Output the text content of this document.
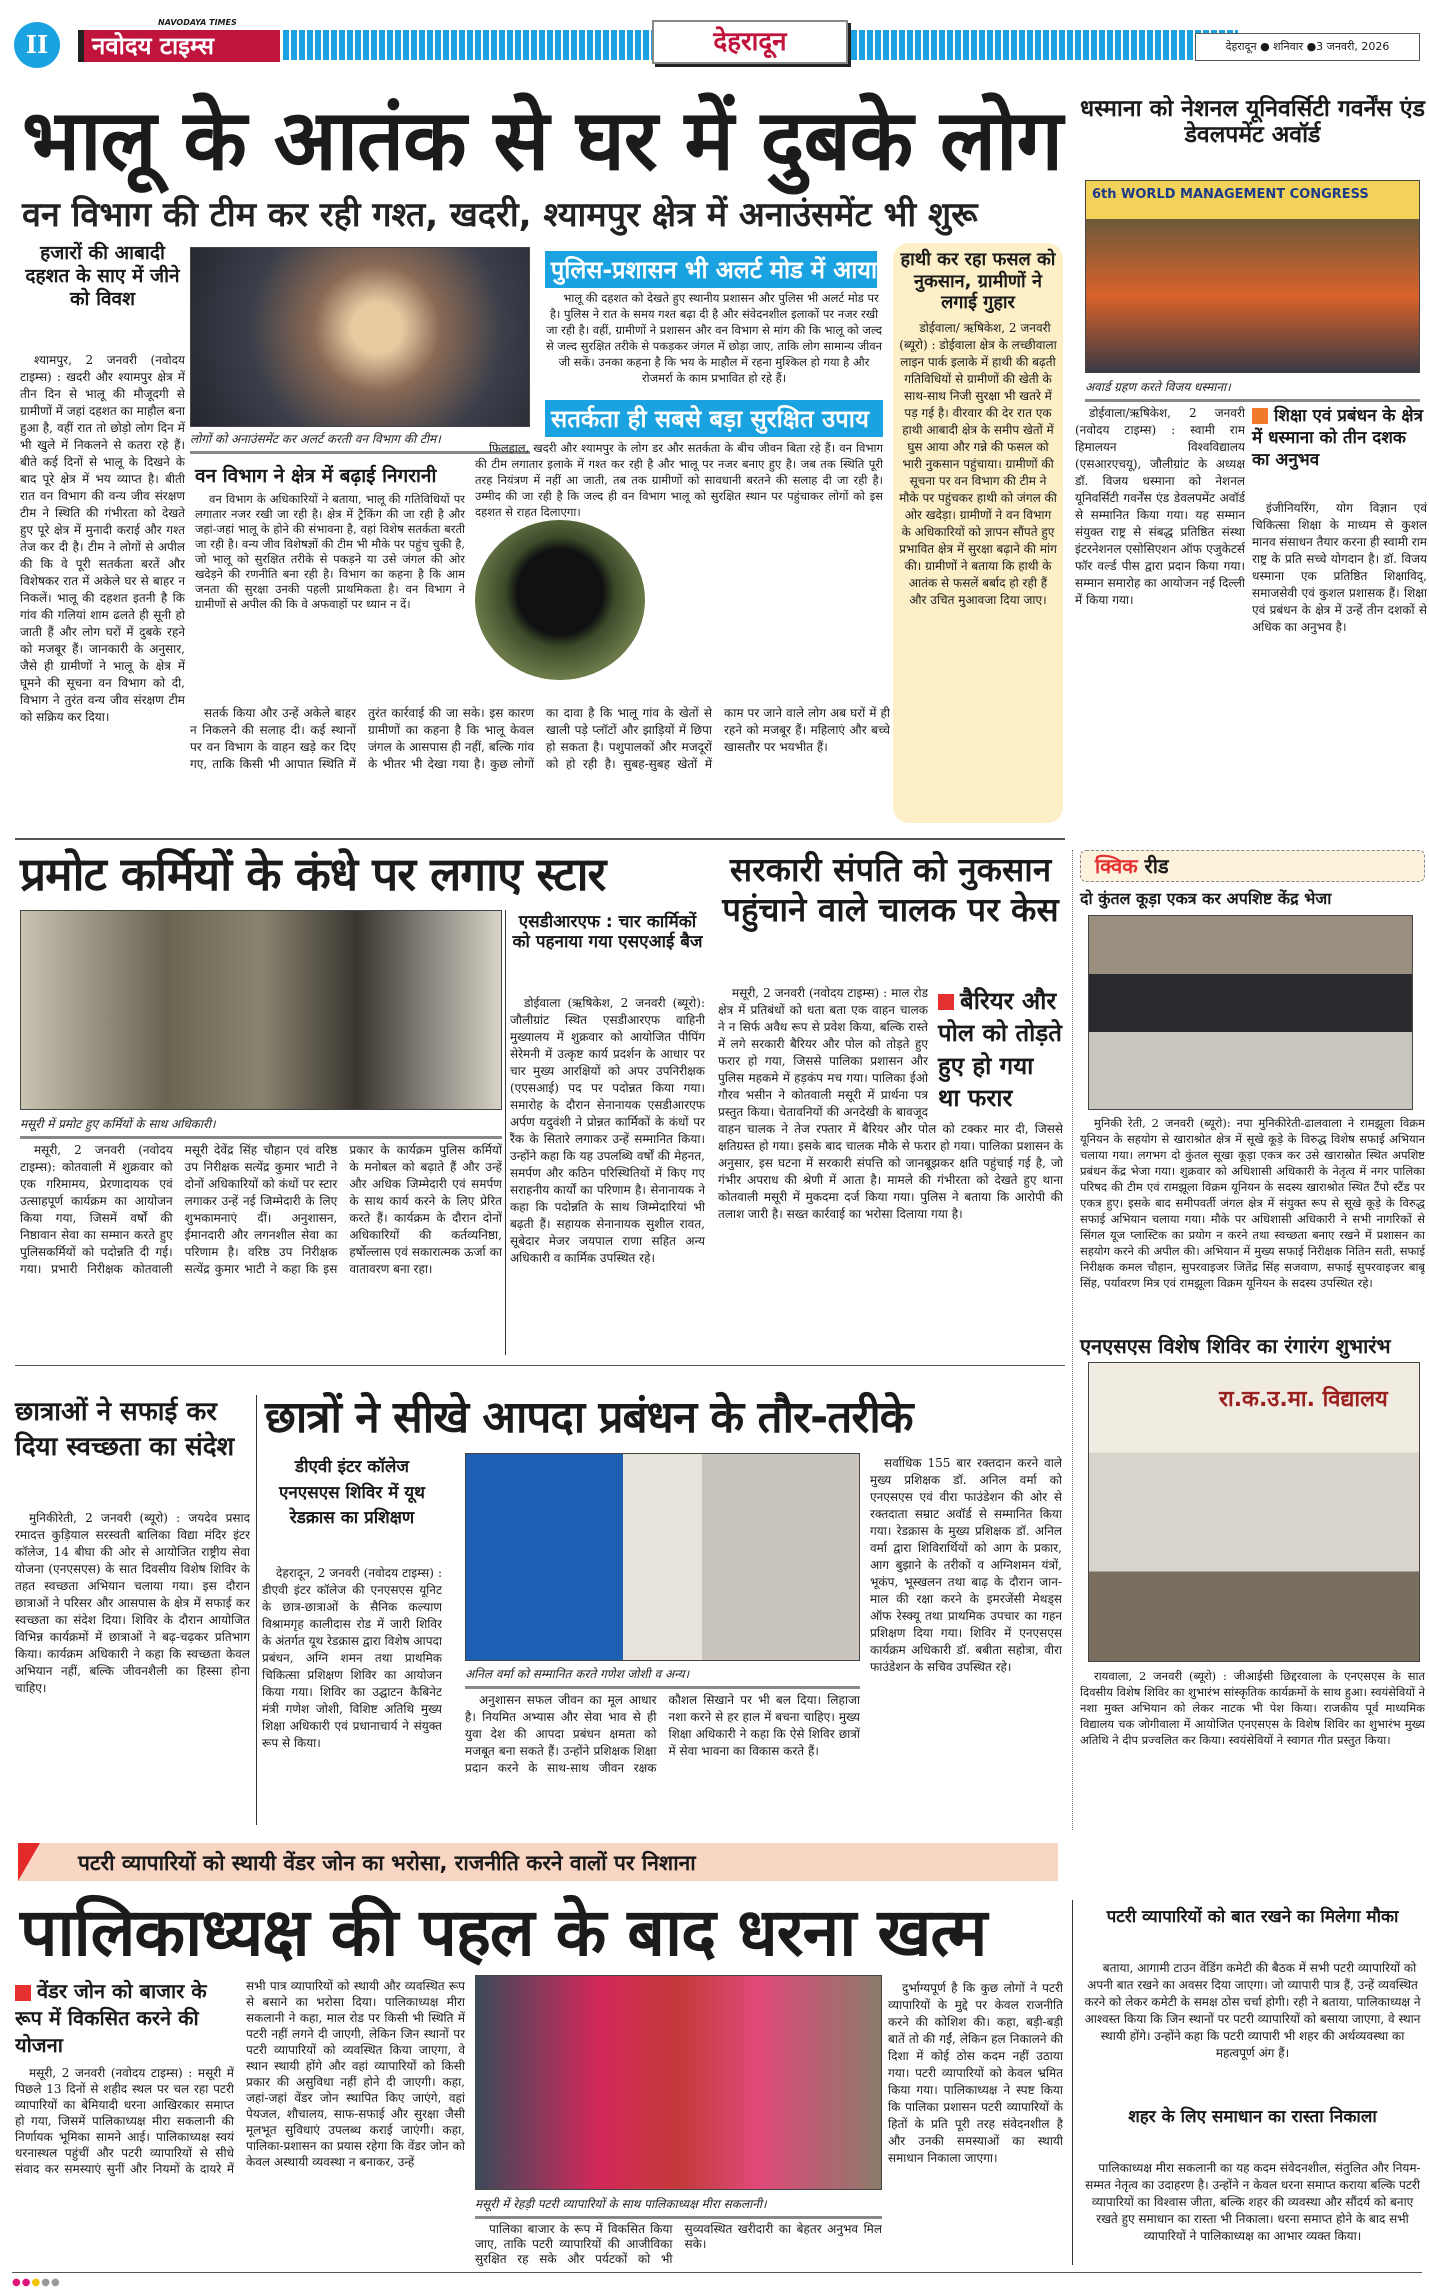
II
NAVODAYA TIMES
नवोदय टाइम्स	देहरादून	देहरादून ● शनिवार ●3 जनवरी, 2026
भालू के आतंक से घर में दुबके लोग
वन विभाग की टीम कर रही गश्त, खदरी, श्यामपुर क्षेत्र में अनाउंसमेंट भी शुरू
हजारों की आबादी दहशत के साए में जीने को विवश

श्यामपुर, 2 जनवरी (नवोदय टाइम्स) : खदरी और श्यामपुर क्षेत्र में तीन दिन से भालू की मौजूदगी से ग्रामीणों में जहां दहशत का माहौल बना हुआ है, वहीं रात तो छोड़ो लोग दिन में भी खुले में निकलने से कतरा रहे हैं। बीते कई दिनों से भालू के दिखने के बाद पूरे क्षेत्र में भय व्याप्त है। बीती रात वन विभाग की वन्य जीव संरक्षण टीम ने स्थिति की गंभीरता को देखते हुए पूरे क्षेत्र में मुनादी कराई और गश्त तेज कर दी है। टीम ने लोगों से अपील की कि वे पूरी सतर्कता बरतें और विशेषकर रात में अकेले घर से बाहर न निकलें। भालू की दहशत इतनी है कि गांव की गलियां शाम ढलते ही सूनी हो जाती हैं और लोग घरों में दुबके रहने को मजबूर हैं। जानकारी के अनुसार, जैसे ही ग्रामीणों ने भालू के क्षेत्र में घूमने की सूचना वन विभाग को दी, विभाग ने तुरंत वन्य जीव संरक्षण टीम को सक्रिय कर दिया।

लोगों को अनाउंसमेंट कर अलर्ट करती वन विभाग की टीम।
वन विभाग ने क्षेत्र में बढ़ाई निगरानी

वन विभाग के अधिकारियों ने बताया, भालू की गतिविधियों पर लगातार नजर रखी जा रही है। क्षेत्र में ट्रैकिंग की जा रही है और जहां-जहां भालू के होने की संभावना है, वहां विशेष सतर्कता बरती जा रही है। वन्य जीव विशेषज्ञों की टीम भी मौके पर पहुंच चुकी है, जो भालू को सुरक्षित तरीके से पकड़ने या उसे जंगल की ओर खदेड़ने की रणनीति बना रही है। विभाग का कहना है कि आम जनता की सुरक्षा उनकी पहली प्राथमिकता है। वन विभाग ने ग्रामीणों से अपील की कि वे अफवाहों पर ध्यान न दें।

पुलिस-प्रशासन भी अलर्ट मोड में आया

भालू की दहशत को देखते हुए स्थानीय प्रशासन और पुलिस भी अलर्ट मोड पर है। पुलिस ने रात के समय गश्त बढ़ा दी है और संवेदनशील इलाकों पर नजर रखी जा रही है। वहीं, ग्रामीणों ने प्रशासन और वन विभाग से मांग की कि भालू को जल्द से जल्द सुरक्षित तरीके से पकड़कर जंगल में छोड़ा जाए, ताकि लोग सामान्य जीवन जी सकें। उनका कहना है कि भय के माहौल में रहना मुश्किल हो गया है और रोजमर्रा के काम प्रभावित हो रहे हैं।

सतर्कता ही सबसे बड़ा सुरक्षित उपाय

फिलहाल, खदरी और श्यामपुर के लोग डर और सतर्कता के बीच जीवन बिता रहे हैं। वन विभाग की टीम लगातार इलाके में गश्त कर रही है और भालू पर नजर बनाए हुए है। जब तक स्थिति पूरी तरह नियंत्रण में नहीं आ जाती, तब तक ग्रामीणों को सावधानी बरतने की सलाह दी जा रही है। उम्मीद की जा रही है कि जल्द ही वन विभाग भालू को सुरक्षित स्थान पर पहुंचाकर लोगों को इस दहशत से राहत दिलाएगा।

सतर्क किया और उन्हें अकेले बाहर न निकलने की सलाह दी। कई स्थानों पर वन विभाग के वाहन खड़े कर दिए गए, ताकि किसी भी आपात स्थिति में तुरंत कार्रवाई की जा सके। इस कारण ग्रामीणों का कहना है कि भालू केवल जंगल के आसपास ही नहीं, बल्कि गांव के भीतर भी देखा गया है। कुछ लोगों का दावा है कि भालू गांव के खेतों से खाली पड़े प्लॉटों और झाड़ियों में छिपा हो सकता है। पशुपालकों और मजदूरों को हो रही है। सुबह-सुबह खेतों में काम पर जाने वाले लोग अब घरों में ही रहने को मजबूर हैं। महिलाएं और बच्चे खासतौर पर भयभीत हैं।

हाथी कर रहा फसल को नुकसान, ग्रामीणों ने लगाई गुहार

डोईवाला/ ऋषिकेश, 2 जनवरी (ब्यूरो) : डोईवाला क्षेत्र के लच्छीवाला लाइन पार्क इलाके में हाथी की बढ़ती गतिविधियों से ग्रामीणों की खेती के साथ-साथ निजी सुरक्षा भी खतरे में पड़ गई है। वीरवार की देर रात एक हाथी आबादी क्षेत्र के समीप खेतों में घुस आया और गन्ने की फसल को भारी नुकसान पहुंचाया। ग्रामीणों की सूचना पर वन विभाग की टीम ने मौके पर पहुंचकर हाथी को जंगल की ओर खदेड़ा। ग्रामीणों ने वन विभाग के अधिकारियों को ज्ञापन सौंपते हुए प्रभावित क्षेत्र में सुरक्षा बढ़ाने की मांग की। ग्रामीणों ने बताया कि हाथी के आतंक से फसलें बर्बाद हो रही हैं और उचित मुआवजा दिया जाए।

धस्माना को नेशनल यूनिवर्सिटी गवर्नेंस एंड डेवलपमेंट अवॉर्ड
6th WORLD MANAGEMENT CONGRESS
अवार्ड ग्रहण करते विजय धस्माना।

डोईवाला/ऋषिकेश, 2 जनवरी (नवोदय टाइम्स) : स्वामी राम हिमालयन विश्वविद्यालय (एसआरएचयू), जौलीग्रांट के अध्यक्ष डॉ. विजय धस्माना को नेशनल यूनिवर्सिटी गवर्नेंस एंड डेवलपमेंट अवॉर्ड से सम्मानित किया गया। यह सम्मान संयुक्त राष्ट्र से संबद्ध प्रतिष्ठित संस्था इंटरनेशनल एसोसिएशन ऑफ एजुकेटर्स फॉर वर्ल्ड पीस द्वारा प्रदान किया गया। सम्मान समारोह का आयोजन नई दिल्ली में किया गया।

शिक्षा एवं प्रबंधन के क्षेत्र में धस्माना को तीन दशक का अनुभव

इंजीनियरिंग, योग विज्ञान एवं चिकित्सा शिक्षा के माध्यम से कुशल मानव संसाधन तैयार करना ही स्वामी राम राष्ट्र के प्रति सच्चे योगदान है। डॉ. विजय धस्माना एक प्रतिष्ठित शिक्षाविद्, समाजसेवी एवं कुशल प्रशासक हैं। शिक्षा एवं प्रबंधन के क्षेत्र में उन्हें तीन दशकों से अधिक का अनुभव है।

प्रमोट कर्मियों के कंधे पर लगाए स्टार
मसूरी में प्रमोट हुए कर्मियों के साथ अधिकारी।

मसूरी, 2 जनवरी (नवोदय टाइम्स): कोतवाली में शुक्रवार को एक गरिमामय, प्रेरणादायक एवं उत्साहपूर्ण कार्यक्रम का आयोजन किया गया, जिसमें वर्षों की निष्ठावान सेवा का सम्मान करते हुए पुलिसकर्मियों को पदोन्नति दी गई। गया। प्रभारी निरीक्षक कोतवाली मसूरी देवेंद्र सिंह चौहान एवं वरिष्ठ उप निरीक्षक सत्येंद्र कुमार भाटी ने दोनों अधिकारियों को कंधों पर स्टार लगाकर उन्हें नई जिम्मेदारी के लिए शुभकामनाएं दीं। अनुशासन, ईमानदारी और लगनशील सेवा का परिणाम है। वरिष्ठ उप निरीक्षक सत्येंद्र कुमार भाटी ने कहा कि इस प्रकार के कार्यक्रम पुलिस कर्मियों के मनोबल को बढ़ाते हैं और उन्हें और अधिक जिम्मेदारी एवं समर्पण के साथ कार्य करने के लिए प्रेरित करते हैं। कार्यक्रम के दौरान दोनों अधिकारियों की कर्तव्यनिष्ठा, हर्षोल्लास एवं सकारात्मक ऊर्जा का वातावरण बना रहा।

एसडीआरएफ : चार कार्मिकों को पहनाया गया एसएआई बैज

डोईवाला (ऋषिकेश, 2 जनवरी (ब्यूरो): जौलीग्रांट स्थित एसडीआरएफ वाहिनी मुख्यालय में शुक्रवार को आयोजित पीपिंग सेरेमनी में उत्कृष्ट कार्य प्रदर्शन के आधार पर चार मुख्य आरक्षियों को अपर उपनिरीक्षक (एएसआई) पद पर पदोन्नत किया गया। समारोह के दौरान सेनानायक एसडीआरएफ अर्पण यदुवंशी ने प्रोन्नत कार्मिकों के कंधों पर रैंक के सितारे लगाकर उन्हें सम्मानित किया। उन्होंने कहा कि यह उपलब्धि वर्षों की मेहनत, समर्पण और कठिन परिस्थितियों में किए गए सराहनीय कार्यों का परिणाम है। सेनानायक ने कहा कि पदोन्नति के साथ जिम्मेदारियां भी बढ़ती हैं। सहायक सेनानायक सुशील रावत, सूबेदार मेजर जयपाल राणा सहित अन्य अधिकारी व कार्मिक उपस्थित रहे।

सरकारी संपति को नुकसान पहुंचाने वाले चालक पर केस
बैरियर और पोल को तोड़ते हुए हो गया था फरार

मसूरी, 2 जनवरी (नवोदय टाइम्स) : माल रोड क्षेत्र में प्रतिबंधों को धता बता एक वाहन चालक ने न सिर्फ अवैध रूप से प्रवेश किया, बल्कि रास्ते में लगे सरकारी बैरियर और पोल को तोड़ते हुए फरार हो गया, जिससे पालिका प्रशासन और पुलिस महकमे में हड़कंप मच गया। पालिका ईओ गौरव भसीन ने कोतवाली मसूरी में प्रार्थना पत्र प्रस्तुत किया। चेतावनियों की अनदेखी के बावजूद वाहन चालक ने तेज रफ्तार में बैरियर और पोल को टक्कर मार दी, जिससे क्षतिग्रस्त हो गया। इसके बाद चालक मौके से फरार हो गया। पालिका प्रशासन के अनुसार, इस घटना में सरकारी संपत्ति को जानबूझकर क्षति पहुंचाई गई है, जो गंभीर अपराध की श्रेणी में आता है। मामले की गंभीरता को देखते हुए थाना कोतवाली मसूरी में मुकदमा दर्ज किया गया। पुलिस ने बताया कि आरोपी की तलाश जारी है। सख्त कार्रवाई का भरोसा दिलाया गया है।

क्विक रीड
दो कुंतल कूड़ा एकत्र कर अपशिष्ट केंद्र भेजा

मुनिकी रेती, 2 जनवरी (ब्यूरो): नपा मुनिकीरेती-ढालवाला ने रामझूला विक्रम यूनियन के सहयोग से खाराश्रोत क्षेत्र में सूखे कूड़े के विरुद्ध विशेष सफाई अभियान चलाया गया। लगभग दो कुंतल सूखा कूड़ा एकत्र कर उसे खारास्रोत स्थित अपशिष्ट प्रबंधन केंद्र भेजा गया। शुक्रवार को अधिशासी अधिकारी के नेतृत्व में नगर पालिका परिषद की टीम एवं रामझूला विक्रम यूनियन के सदस्य खाराश्रोत स्थित टैंपो स्टैंड पर एकत्र हुए। इसके बाद समीपवर्ती जंगल क्षेत्र में संयुक्त रूप से सूखे कूड़े के विरुद्ध सफाई अभियान चलाया गया। मौके पर अधिशासी अधिकारी ने सभी नागरिकों से सिंगल यूज प्लास्टिक का प्रयोग न करने तथा स्वच्छता बनाए रखने में प्रशासन का सहयोग करने की अपील की। अभियान में मुख्य सफाई निरीक्षक नितिन सती, सफाई निरीक्षक कमल चौहान, सुपरवाइजर जितेंद्र सिंह सजवाण, सफाई सुपरवाइजर बाबू सिंह, पर्यावरण मित्र एवं रामझूला विक्रम यूनियन के सदस्य उपस्थित रहे।

एनएसएस विशेष शिविर का रंगारंग शुभारंभ
रा.क.उ.मा. विद्यालय

रायवाला, 2 जनवरी (ब्यूरो) : जीआईसी छिद्दरवाला के एनएसएस के सात दिवसीय विशेष शिविर का शुभारंभ सांस्कृतिक कार्यक्रमों के साथ हुआ। स्वयंसेवियों ने नशा मुक्त अभियान को लेकर नाटक भी पेश किया। राजकीय पूर्व माध्यमिक विद्यालय चक जोगीवाला में आयोजित एनएसएस के विशेष शिविर का शुभारंभ मुख्य अतिथि ने दीप प्रज्वलित कर किया। स्वयंसेवियों ने स्वागत गीत प्रस्तुत किया।

छात्राओं ने सफाई कर दिया स्वच्छता का संदेश

मुनिकीरेती, 2 जनवरी (ब्यूरो) : जयदेव प्रसाद रमादत्त कुड़ियाल सरस्वती बालिका विद्या मंदिर इंटर कॉलेज, 14 बीघा की ओर से आयोजित राष्ट्रीय सेवा योजना (एनएसएस) के सात दिवसीय विशेष शिविर के तहत स्वच्छता अभियान चलाया गया। इस दौरान छात्राओं ने परिसर और आसपास के क्षेत्र में सफाई कर स्वच्छता का संदेश दिया। शिविर के दौरान आयोजित विभिन्न कार्यक्रमों में छात्राओं ने बढ़-चढ़कर प्रतिभाग किया। कार्यक्रम अधिकारी ने कहा कि स्वच्छता केवल अभियान नहीं, बल्कि जीवनशैली का हिस्सा होना चाहिए।

छात्रों ने सीखे आपदा प्रबंधन के तौर-तरीके
डीएवी इंटर कॉलेज एनएसएस शिविर में यूथ रेडक्रास का प्रशिक्षण

देहरादून, 2 जनवरी (नवोदय टाइम्स) : डीएवी इंटर कॉलेज की एनएसएस यूनिट के छात्र-छात्राओं के सैनिक कल्याण विश्रामगृह कालीदास रोड में जारी शिविर के अंतर्गत यूथ रेडक्रास द्वारा विशेष आपदा प्रबंधन, अग्नि शमन तथा प्राथमिक चिकित्सा प्रशिक्षण शिविर का आयोजन किया गया। शिविर का उद्घाटन कैबिनेट मंत्री गणेश जोशी, विशिष्ट अतिथि मुख्य शिक्षा अधिकारी एवं प्रधानाचार्य ने संयुक्त रूप से किया।

अनिल वर्मा को सम्मानित करते गणेश जोशी व अन्य।

अनुशासन सफल जीवन का मूल आधार है। नियमित अभ्यास और सेवा भाव से ही युवा देश की आपदा प्रबंधन क्षमता को मजबूत बना सकते हैं। उन्होंने प्रशिक्षक शिक्षा प्रदान करने के साथ-साथ जीवन रक्षक कौशल सिखाने पर भी बल दिया। लिहाजा नशा करने से हर हाल में बचना चाहिए। मुख्य शिक्षा अधिकारी ने कहा कि ऐसे शिविर छात्रों में सेवा भावना का विकास करते हैं।

सर्वाधिक 155 बार रक्तदान करने वाले मुख्य प्रशिक्षक डॉ. अनिल वर्मा को एनएसएस एवं वीरा फाउंडेशन की ओर से रक्तदाता सम्राट अवॉर्ड से सम्मानित किया गया। रेडक्रास के मुख्य प्रशिक्षक डॉ. अनिल वर्मा द्वारा शिविरार्थियों को आग के प्रकार, आग बुझाने के तरीकों व अग्निशमन यंत्रों, भूकंप, भूस्खलन तथा बाढ़ के दौरान जान-माल की रक्षा करने के इमरजेंसी मेथड्स ऑफ रेस्क्यू तथा प्राथमिक उपचार का गहन प्रशिक्षण दिया गया। शिविर में एनएसएस कार्यक्रम अधिकारी डॉ. बबीता सहोत्रा, वीरा फाउंडेशन के सचिव उपस्थित रहे।

पटरी व्यापारियों को स्थायी वेंडर जोन का भरोसा, राजनीति करने वालों पर निशाना
पालिकाध्यक्ष की पहल के बाद धरना खत्म
वेंडर जोन को बाजार के रूप में विकसित करने की योजना

मसूरी, 2 जनवरी (नवोदय टाइम्स) : मसूरी में पिछले 13 दिनों से शहीद स्थल पर चल रहा पटरी व्यापारियों का बेमियादी धरना आखिरकार समाप्त हो गया, जिसमें पालिकाध्यक्ष मीरा सकलानी की निर्णायक भूमिका सामने आई। पालिकाध्यक्ष स्वयं धरनास्थल पहुंचीं और पटरी व्यापारियों से सीधे संवाद कर समस्याएं सुनीं और नियमों के दायरे में सभी पात्र व्यापारियों को स्थायी और व्यवस्थित रूप से बसाने का भरोसा दिया। पालिकाध्यक्ष मीरा सकलानी ने कहा, माल रोड पर किसी भी स्थिति में पटरी नहीं लगने दी जाएगी, लेकिन जिन स्थानों पर पटरी व्यापारियों को व्यवस्थित किया जाएगा, वे स्थान स्थायी होंगे और वहां व्यापारियों को किसी प्रकार की असुविधा नहीं होने दी जाएगी। कहा, जहां-जहां वेंडर जोन स्थापित किए जाएंगे, वहां पेयजल, शौचालय, साफ-सफाई और सुरक्षा जैसी मूलभूत सुविधाएं उपलब्ध कराई जाएंगी। कहा, पालिका-प्रशासन का प्रयास रहेगा कि वेंडर जोन को केवल अस्थायी व्यवस्था न बनाकर, उन्हें

मसूरी में रेहड़ी पटरी व्यापारियों के साथ पालिकाध्यक्ष मीरा सकलानी।

पालिका बाजार के रूप में विकसित किया जाए, ताकि पटरी व्यापारियों की आजीविका सुरक्षित रह सके और पर्यटकों को भी सुव्यवस्थित खरीदारी का बेहतर अनुभव मिल सके।

दुर्भाग्यपूर्ण है कि कुछ लोगों ने पटरी व्यापारियों के मुद्दे पर केवल राजनीति करने की कोशिश की। कहा, बड़ी-बड़ी बातें तो की गईं, लेकिन हल निकालने की दिशा में कोई ठोस कदम नहीं उठाया गया। पटरी व्यापारियों को केवल भ्रमित किया गया। पालिकाध्यक्ष ने स्पष्ट किया कि पालिका प्रशासन पटरी व्यापारियों के हितों के प्रति पूरी तरह संवेदनशील है और उनकी समस्याओं का स्थायी समाधान निकाला जाएगा।

पटरी व्यापारियों को बात रखने का मिलेगा मौका

बताया, आगामी टाउन वेंडिंग कमेटी की बैठक में सभी पटरी व्यापारियों को अपनी बात रखने का अवसर दिया जाएगा। जो व्यापारी पात्र हैं, उन्हें व्यवस्थित करने को लेकर कमेटी के समक्ष ठोस चर्चा होगी। रही ने बताया, पालिकाध्यक्ष ने आश्वस्त किया कि जिन स्थानों पर पटरी व्यापारियों को बसाया जाएगा, वे स्थान स्थायी होंगे। उन्होंने कहा कि पटरी व्यापारी भी शहर की अर्थव्यवस्था का महत्वपूर्ण अंग हैं।

शहर के लिए समाधान का रास्ता निकाला

पालिकाध्यक्ष मीरा सकलानी का यह कदम संवेदनशील, संतुलित और नियम-सम्मत नेतृत्व का उदाहरण है। उन्होंने न केवल धरना समाप्त कराया बल्कि पटरी व्यापारियों का विश्वास जीता, बल्कि शहर की व्यवस्था और सौंदर्य को बनाए रखते हुए समाधान का रास्ता भी निकाला। धरना समाप्त होने के बाद सभी व्यापारियों ने पालिकाध्यक्ष का आभार व्यक्त किया।

●●●●●
